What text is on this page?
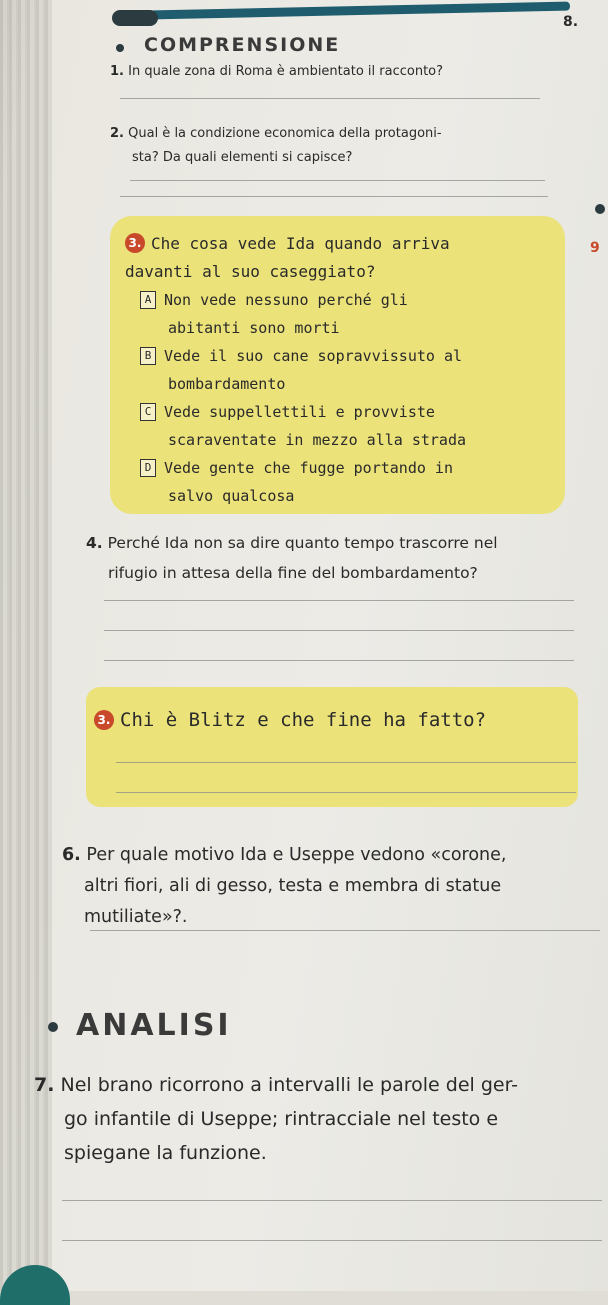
8.
COMPRENSIONE
1. In quale zona di Roma è ambientato il racconto?
2. Qual è la condizione economica della protagoni-
sta? Da quali elementi si capisce?
3. Che cosa vede Ida quando arriva
davanti al suo caseggiato?
9
A Non vede nessuno perché gli
abitanti sono morti
B Vede il suo cane sopravvissuto al
bombardamento
C Vede suppellettili e provviste
scaraventate in mezzo alla strada
D Vede gente che fugge portando in
salvo qualcosa
4. Perché Ida non sa dire quanto tempo trascorre nel
rifugio in attesa della fine del bombardamento?
3. Chi è Blitz e che fine ha fatto?
6. Per quale motivo Ida e Useppe vedono «corone,
altri fiori, ali di gesso, testa e membra di statue
mutiliate»?.
ANALISI
7. Nel brano ricorrono a intervalli le parole del ger-
go infantile di Useppe; rintracciale nel testo e
spiegane la funzione.
